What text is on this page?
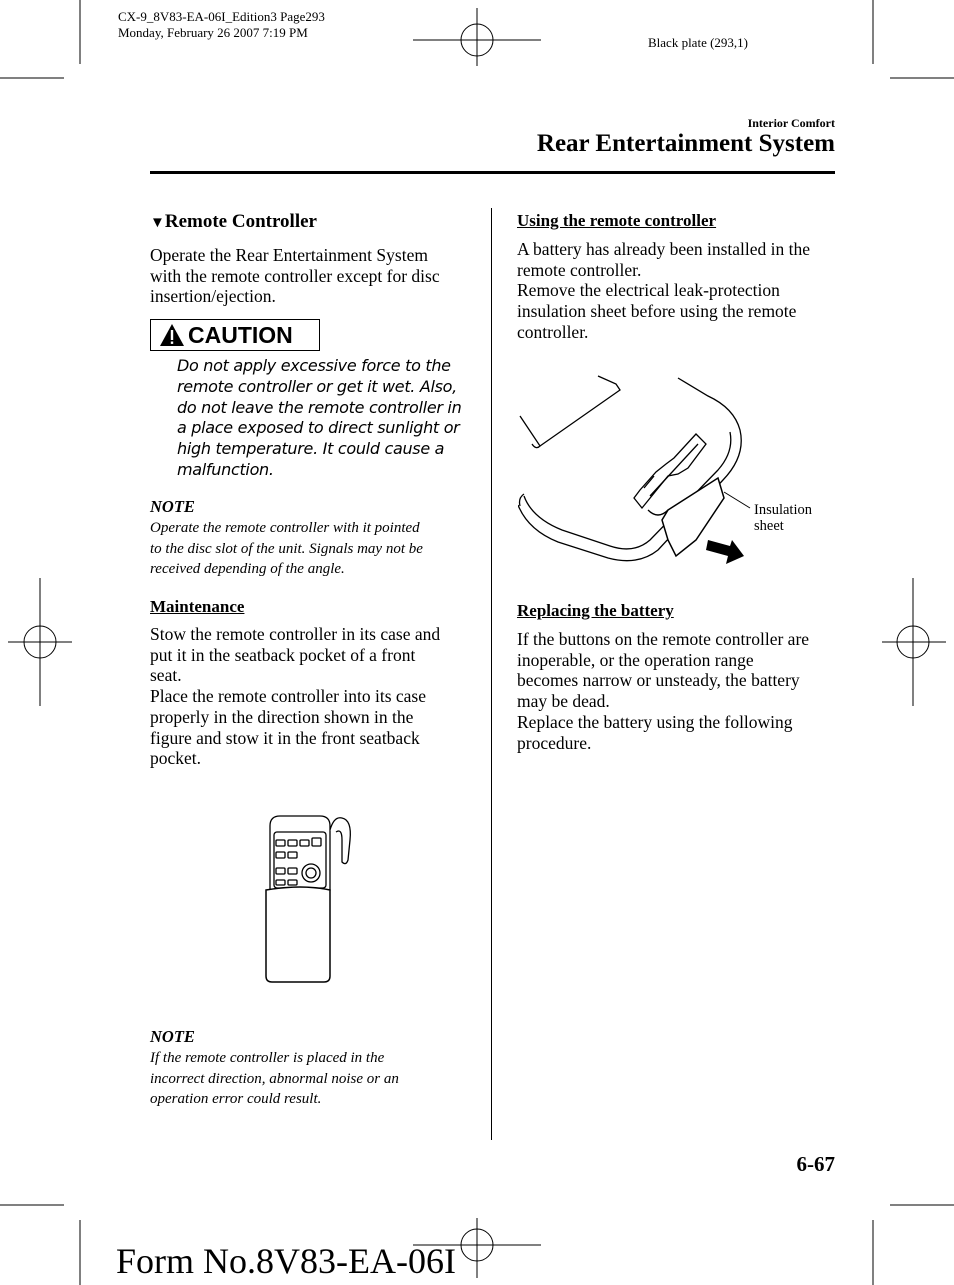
CX-9_8V83-EA-06I_Edition3 Page293
Monday, February 26 2007 7:19 PM
Black plate (293,1)
Interior Comfort
Rear Entertainment System
▼Remote Controller
Operate the Rear Entertainment System
with the remote controller except for disc
insertion/ejection.
CAUTION
Do not apply excessive force to the
remote controller or get it wet. Also,
do not leave the remote controller in
a place exposed to direct sunlight or
high temperature. It could cause a
malfunction.
NOTE
Operate the remote controller with it pointed
to the disc slot of the unit. Signals may not be
received depending of the angle.
Maintenance
Stow the remote controller in its case and
put it in the seatback pocket of a front
seat.
Place the remote controller into its case
properly in the direction shown in the
figure and stow it in the front seatback
pocket.
NOTE
If the remote controller is placed in the
incorrect direction, abnormal noise or an
operation error could result.
Using the remote controller
A battery has already been installed in the
remote controller.
Remove the electrical leak-protection
insulation sheet before using the remote
controller.
Insulation
sheet
Replacing the battery
If the buttons on the remote controller are
inoperable, or the operation range
becomes narrow or unsteady, the battery
may be dead.
Replace the battery using the following
procedure.
6-67
Form No.8V83-EA-06I
